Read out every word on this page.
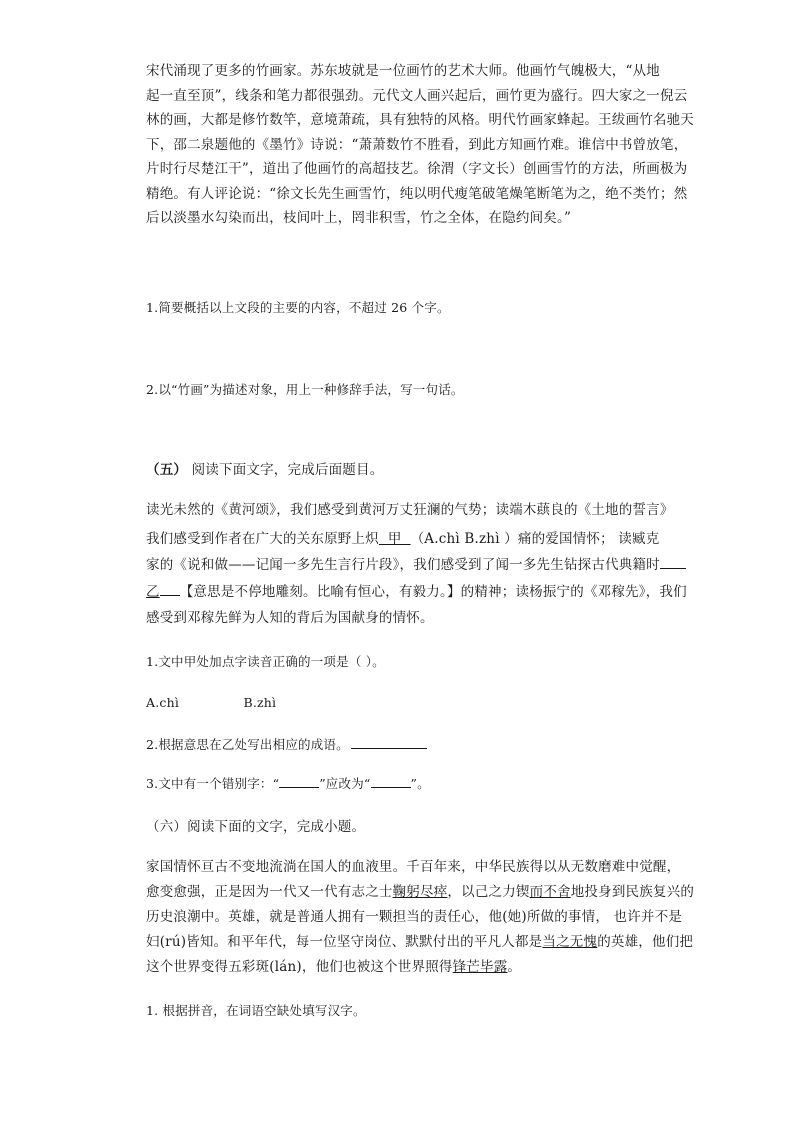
宋代涌现了更多的竹画家。苏东坡就是一位画竹的艺术大师。他画竹气魄极大，“从地
起一直至顶”，线条和笔力都很强劲。元代文人画兴起后，画竹更为盛行。四大家之一倪云
林的画，大都是修竹数竿，意境萧疏，具有独特的风格。明代竹画家蜂起。王绂画竹名驰天
下，邵二泉题他的《墨竹》诗说：“萧萧数竹不胜看，到此方知画竹难。谁信中书曾放笔，
片时行尽楚江干”，道出了他画竹的高超技艺。徐渭（字文长）创画雪竹的方法，所画极为
精绝。有人评论说：“徐文长先生画雪竹，纯以明代瘦笔破笔燥笔断笔为之，绝不类竹；然
后以淡墨水勾染而出，枝间叶上，罔非积雪，竹之全体，在隐约间矣。”
1.简要概括以上文段的主要的内容，不超过 26 个字。
2.以“竹画”为描述对象，用上一种修辞手法，写一句话。
（五） 阅读下面文字，完成后面题目。
读光未然的《黄河颂》，我们感受到黄河万丈狂澜的气势；读端木蕻良的《土地的誓言》
我们感受到作者在广大的关东原野上炽  甲  （A.chì B.zhì ）痛的爱国情怀； 读臧克
家的《说和做——记闻一多先生言行片段》，我们感受到了闻一多先生钻探古代典籍时
乙 【意思是不停地雕刻。比喻有恒心，有毅力。】的精神；读杨振宁的《邓稼先》，我们
感受到邓稼先鲜为人知的背后为国献身的情怀。
1.文中甲处加点字读音正确的一项是（ ）。
A.chì	B.zhì
2.根据意思在乙处写出相应的成语。
3.文中有一个错别字：“	”应改为“	”。
（六）阅读下面的文字，完成小题。
家国情怀亘古不变地流淌在国人的血液里。千百年来，中华民族得以从无数磨难中觉醒，
愈变愈强，正是因为一代又一代有志之士鞠躬尽瘁，以己之力锲而不舍地投身到民族复兴的
历史浪潮中。英雄，就是普通人拥有一颗担当的责任心，他(她)所做的事情， 也许并不是
妇(rú)皆知。和平年代，每一位坚守岗位、默默付出的平凡人都是当之无愧的英雄，他们把
这个世界变得五彩斑(lán)，他们也被这个世界照得锋芒毕露。
1. 根据拼音，在词语空缺处填写汉字。
